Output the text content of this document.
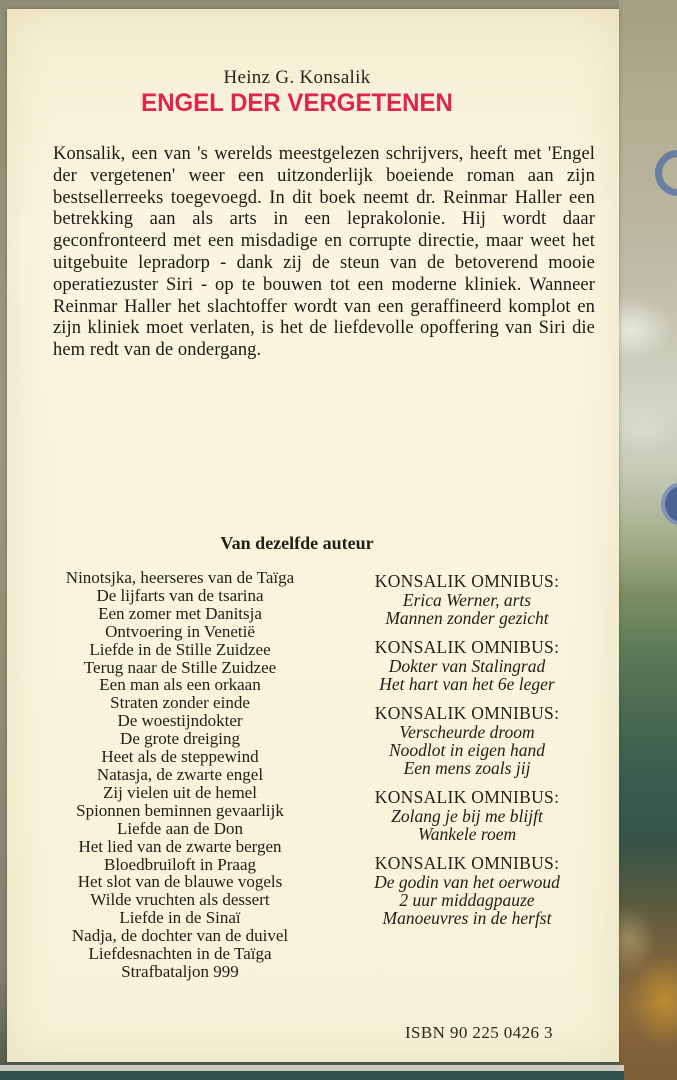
Heinz G. Konsalik
ENGEL DER VERGETENEN
Konsalik, een van 's werelds meestgelezen schrijvers, heeft met 'Engel der vergetenen' weer een uitzonderlijk boeiende roman aan zijn bestsellerreeks toegevoegd. In dit boek neemt dr. Reinmar Haller een betrekking aan als arts in een leprakolonie. Hij wordt daar geconfronteerd met een misdadige en corrupte directie, maar weet het uitgebuite lepradorp - dank zij de steun van de betoverend mooie operatiezuster Siri - op te bouwen tot een moderne kliniek. Wanneer Reinmar Haller het slachtoffer wordt van een geraffineerd komplot en zijn kliniek moet verlaten, is het de liefdevolle opoffering van Siri die hem redt van de ondergang.
Van dezelfde auteur
Ninotsjka, heerseres van de Taïga
De lijfarts van de tsarina
Een zomer met Danitsja
Ontvoering in Venetië
Liefde in de Stille Zuidzee
Terug naar de Stille Zuidzee
Een man als een orkaan
Straten zonder einde
De woestijndokter
De grote dreiging
Heet als de steppewind
Natasja, de zwarte engel
Zij vielen uit de hemel
Spionnen beminnen gevaarlijk
Liefde aan de Don
Het lied van de zwarte bergen
Bloedbruiloft in Praag
Het slot van de blauwe vogels
Wilde vruchten als dessert
Liefde in de Sinaï
Nadja, de dochter van de duivel
Liefdesnachten in de Taïga
Strafbataljon 999
KONSALIK OMNIBUS:
Erica Werner, arts
Mannen zonder gezicht
KONSALIK OMNIBUS:
Dokter van Stalingrad
Het hart van het 6e leger
KONSALIK OMNIBUS:
Verscheurde droom
Noodlot in eigen hand
Een mens zoals jij
KONSALIK OMNIBUS:
Zolang je bij me blijft
Wankele roem
KONSALIK OMNIBUS:
De godin van het oerwoud
2 uur middagpauze
Manoeuvres in de herfst
ISBN 90 225 0426 3
